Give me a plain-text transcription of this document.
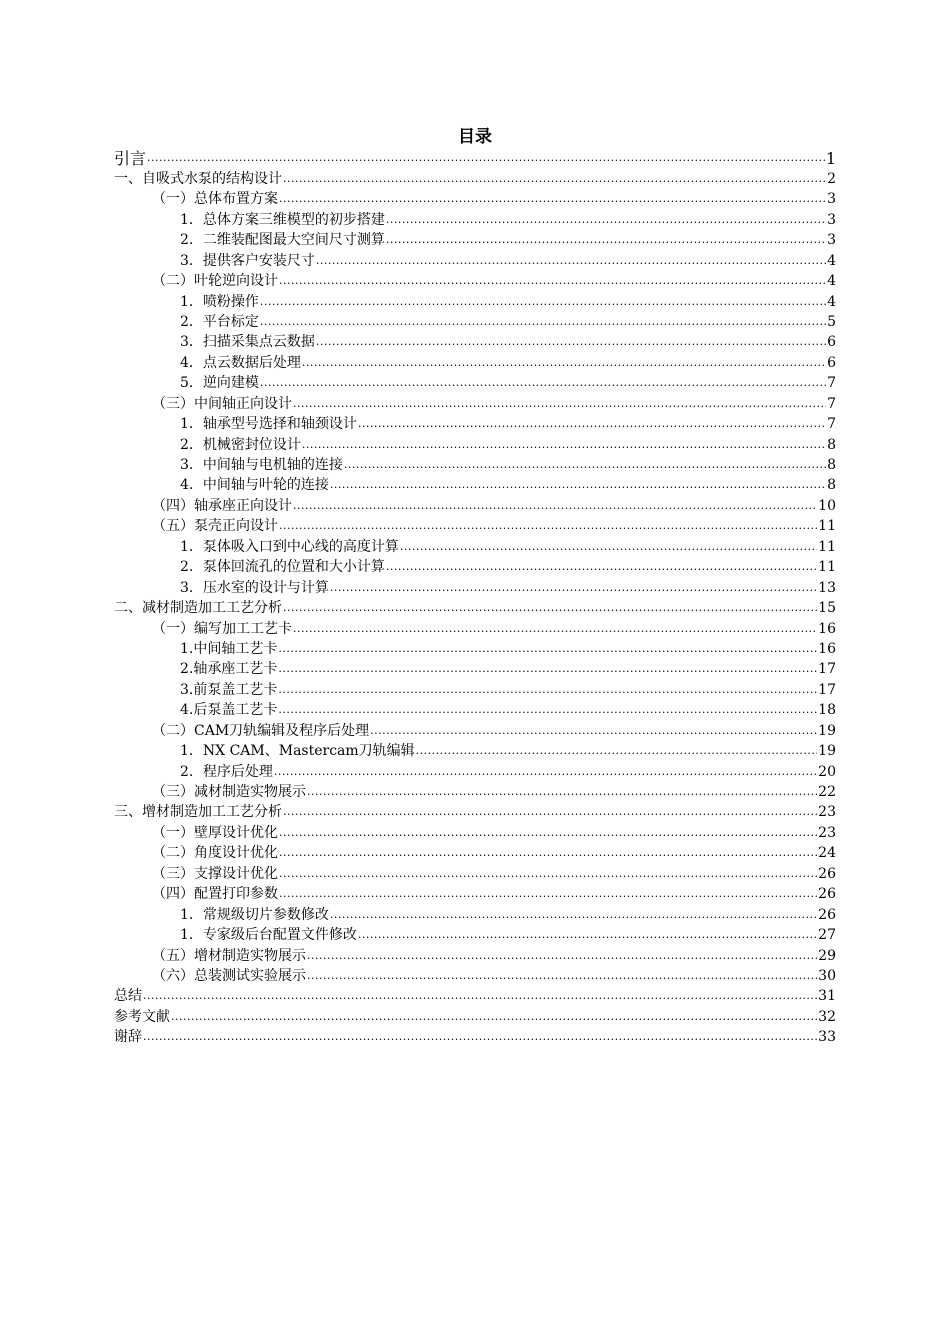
目录
引言 .....	1
一、自吸式水泵的结构设计 .....	2
（一）总体布置方案 .....	3
1．总体方案三维模型的初步搭建 .....	3
2．二维装配图最大空间尺寸测算 .....	3
3．提供客户安装尺寸 .....	4
（二）叶轮逆向设计 .....	4
1．喷粉操作 .....	4
2．平台标定 .....	5
3．扫描采集点云数据 .....	6
4．点云数据后处理 .....	6
5．逆向建模 .....	7
（三）中间轴正向设计 .....	7
1．轴承型号选择和轴颈设计 .....	7
2．机械密封位设计 .....	8
3．中间轴与电机轴的连接 .....	8
4．中间轴与叶轮的连接 .....	8
（四）轴承座正向设计 .....	10
（五）泵壳正向设计 .....	11
1．泵体吸入口到中心线的高度计算 .....	11
2．泵体回流孔的位置和大小计算 .....	11
3．压水室的设计与计算 .....	13
二、减材制造加工工艺分析 .....	15
（一）编写加工工艺卡 .....	16
1.中间轴工艺卡 .....	16
2.轴承座工艺卡 .....	17
3.前泵盖工艺卡 .....	17
4.后泵盖工艺卡 .....	18
（二）CAM刀轨编辑及程序后处理 .....	19
1．NX CAM、Mastercam刀轨编辑 .....	19
2．程序后处理 .....	20
（三）减材制造实物展示 .....	22
三、增材制造加工工艺分析 .....	23
（一）壁厚设计优化 .....	23
（二）角度设计优化 .....	24
（三）支撑设计优化 .....	26
（四）配置打印参数 .....	26
1．常规级切片参数修改 .....	26
1．专家级后台配置文件修改 .....	27
（五）增材制造实物展示 .....	29
（六）总装测试实验展示 .....	30
总结 .....	31
参考文献 .....	32
谢辞 .....	33
